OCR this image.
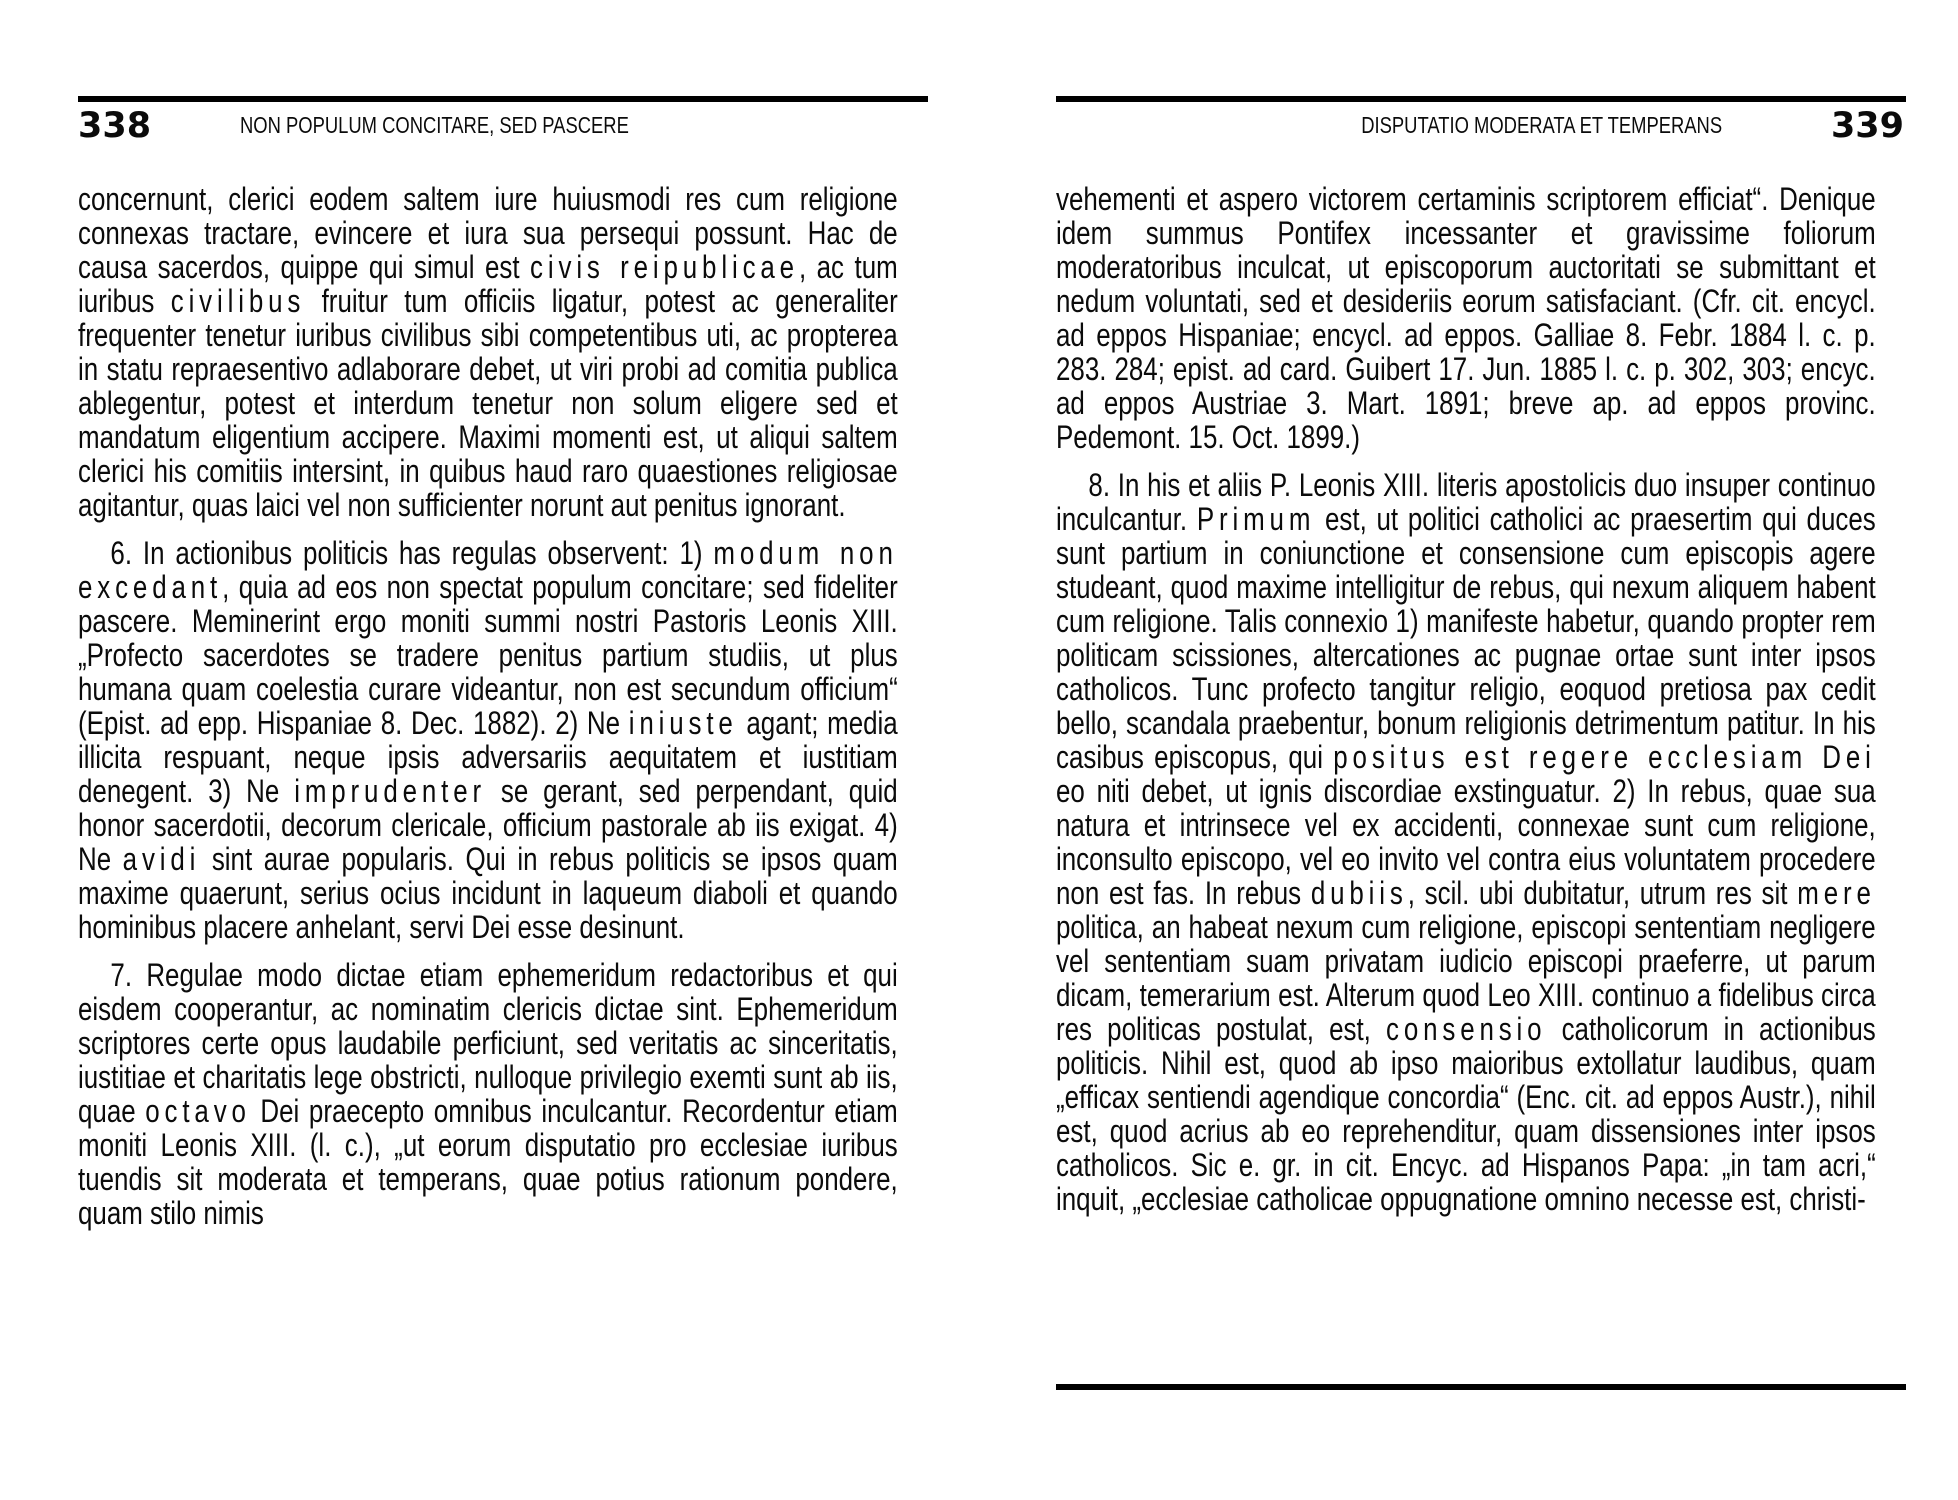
338	NON POPULUM CONCITARE, SED PASCERE

concernunt, clerici eodem saltem iure huiusmodi res cum religione connexas tractare, evincere et iura sua persequi possunt. Hac de causa sacerdos, quippe qui simul est civis reipublicae, ac tum iuribus civilibus fruitur tum officiis ligatur, potest ac generaliter frequenter tenetur iuribus civilibus sibi competentibus uti, ac propterea in statu repraesentivo adlaborare debet, ut viri probi ad comitia publica ablegentur, potest et interdum tenetur non solum eligere sed et mandatum eligentium accipere. Maximi momenti est, ut aliqui saltem clerici his comitiis intersint, in quibus haud raro quaestiones religiosae agitantur, quas laici vel non sufficienter norunt aut penitus ignorant.

6. In actionibus politicis has regulas observent: 1) modum non excedant, quia ad eos non spectat populum concitare; sed fideliter pascere. Meminerint ergo moniti summi nostri Pastoris Leonis XIII. „Profecto sacerdotes se tradere penitus partium studiis, ut plus humana quam coelestia curare videantur, non est secundum officium“ (Epist. ad epp. Hispaniae 8. Dec. 1882). 2) Ne iniuste agant; media illicita respuant, neque ipsis adversariis aequitatem et iustitiam denegent. 3) Ne imprudenter se gerant, sed perpendant, quid honor sacerdotii, decorum clericale, officium pastorale ab iis exigat. 4) Ne avidi sint aurae popularis. Qui in rebus politicis se ipsos quam maxime quaerunt, serius ocius incidunt in laqueum diaboli et quando hominibus placere anhelant, servi Dei esse desinunt.

7. Regulae modo dictae etiam ephemeridum redactoribus et qui eisdem cooperantur, ac nominatim clericis dictae sint. Ephemeridum scriptores certe opus laudabile perficiunt, sed veritatis ac sinceritatis, iustitiae et charitatis lege obstricti, nulloque privilegio exemti sunt ab iis, quae octavo Dei praecepto omnibus inculcantur. Recordentur etiam moniti Leonis XIII. (l. c.), „ut eorum disputatio pro ecclesiae iuribus tuendis sit moderata et temperans, quae potius rationum pondere, quam stilo nimis

DISPUTATIO MODERATA ET TEMPERANS	339

vehementi et aspero victorem certaminis scriptorem efficiat“. Denique idem summus Pontifex incessanter et gravissime foliorum moderatoribus inculcat, ut episcoporum auctoritati se submittant et nedum voluntati, sed et desideriis eorum satisfaciant. (Cfr. cit. encycl. ad eppos Hispaniae; encycl. ad eppos. Galliae 8. Febr. 1884 l. c. p. 283. 284; epist. ad card. Guibert 17. Jun. 1885 l. c. p. 302, 303; encyc. ad eppos Austriae 3. Mart. 1891; breve ap. ad eppos provinc. Pedemont. 15. Oct. 1899.)

8. In his et aliis P. Leonis XIII. literis apostolicis duo insuper continuo inculcantur. Primum est, ut politici catholici ac praesertim qui duces sunt partium in coniunctione et consensione cum episcopis agere studeant, quod maxime intelligitur de rebus, qui nexum aliquem habent cum religione. Talis connexio 1) manifeste habetur, quando propter rem politicam scissiones, altercationes ac pugnae ortae sunt inter ipsos catholicos. Tunc profecto tangitur religio, eoquod pretiosa pax cedit bello, scandala praebentur, bonum religionis detrimentum patitur. In his casibus episcopus, qui positus est regere ecclesiam Dei eo niti debet, ut ignis discordiae exstinguatur. 2) In rebus, quae sua natura et intrinsece vel ex accidenti, connexae sunt cum religione, inconsulto episcopo, vel eo invito vel contra eius voluntatem procedere non est fas. In rebus dubiis, scil. ubi dubitatur, utrum res sit mere politica, an habeat nexum cum religione, episcopi sententiam negligere vel sententiam suam privatam iudicio episcopi praeferre, ut parum dicam, temerarium est. Alterum quod Leo XIII. continuo a fidelibus circa res politicas postulat, est, consensio catholicorum in actionibus politicis. Nihil est, quod ab ipso maioribus extollatur laudibus, quam „efficax sentiendi agendique concordia“ (Enc. cit. ad eppos Austr.), nihil est, quod acrius ab eo reprehenditur, quam dissensiones inter ipsos catholicos. Sic e. gr. in cit. Encyc. ad Hispanos Papa: „in tam acri,“ inquit, „ecclesiae catholicae oppugnatione omnino necesse est, christi-
